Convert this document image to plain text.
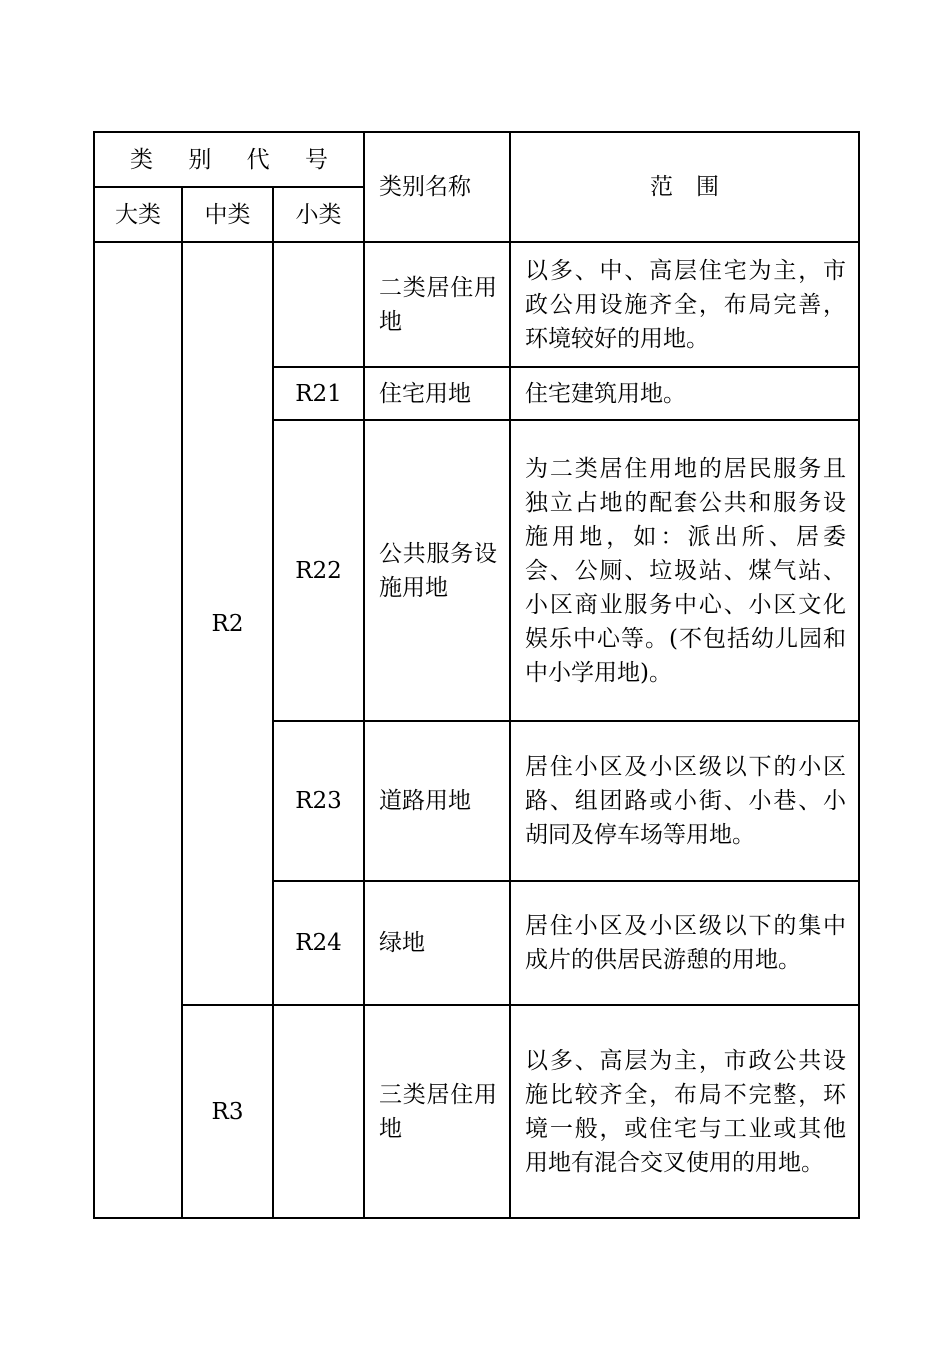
类 别 代 号			类别名称	范　围
大类	中类	小类		
	R2		二类居住用地	以多、中、高层住宅为主，市政公用设施齐全，布局完善，环境较好的用地。
		R21	住宅用地	住宅建筑用地。
		R22	公共服务设施用地	为二类居住用地的居民服务且独立占地的配套公共和服务设施用地，如：派出所、居委会、公厕、垃圾站、煤气站、小区商业服务中心、小区文化娱乐中心等。(不包括幼儿园和中小学用地)。
		R23	道路用地	居住小区及小区级以下的小区路、组团路或小街、小巷、小胡同及停车场等用地。
		R24	绿地	居住小区及小区级以下的集中成片的供居民游憩的用地。
	R3		三类居住用地	以多、高层为主，市政公共设施比较齐全，布局不完整，环境一般，或住宅与工业或其他用地有混合交叉使用的用地。
